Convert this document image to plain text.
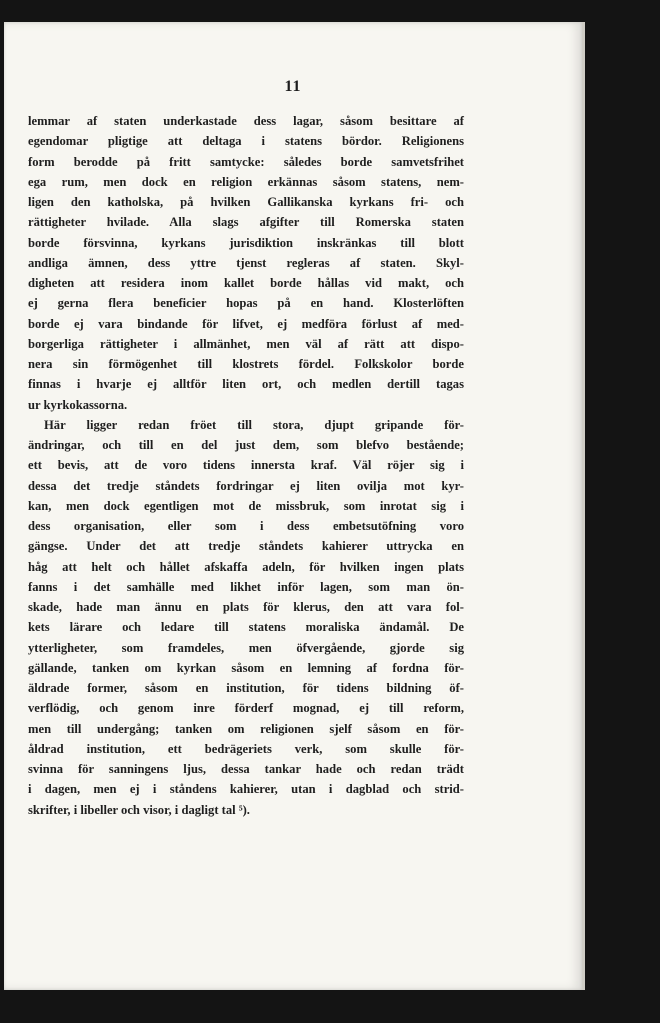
11
lemmar af staten underkastade dess lagar, såsom besittare af
egendomar pligtige att deltaga i statens bördor. Religionens
form berodde på fritt samtycke: således borde samvetsfrihet
ega rum, men dock en religion erkännas såsom statens, nem-
ligen den katholska, på hvilken Gallikanska kyrkans fri- och
rättigheter hvilade. Alla slags afgifter till Romerska staten
borde försvinna, kyrkans jurisdiktion inskränkas till blott
andliga ämnen, dess yttre tjenst regleras af staten. Skyl-
digheten att residera inom kallet borde hållas vid makt, och
ej gerna flera beneficier hopas på en hand. Klosterlöften
borde ej vara bindande för lifvet, ej medföra förlust af med-
borgerliga rättigheter i allmänhet, men väl af rätt att dispo-
nera sin förmögenhet till klostrets fördel. Folkskolor borde
finnas i hvarje ej alltför liten ort, och medlen dertill tagas
ur kyrkokassorna.
Här ligger redan fröet till stora, djupt gripande för-
ändringar, och till en del just dem, som blefvo bestående;
ett bevis, att de voro tidens innersta kraf. Väl röjer sig i
dessa det tredje ståndets fordringar ej liten ovilja mot kyr-
kan, men dock egentligen mot de missbruk, som inrotat sig i
dess organisation, eller som i dess embetsutöfning voro
gängse. Under det att tredje ståndets kahierer uttrycka en
håg att helt och hållet afskaffa adeln, för hvilken ingen plats
fanns i det samhälle med likhet inför lagen, som man ön-
skade, hade man ännu en plats för klerus, den att vara fol-
kets lärare och ledare till statens moraliska ändamål. De
ytterligheter, som framdeles, men öfvergående, gjorde sig
gällande, tanken om kyrkan såsom en lemning af fordna för-
äldrade former, såsom en institution, för tidens bildning öf-
verflödig, och genom inre förderf mognad, ej till reform,
men till undergång; tanken om religionen sjelf såsom en för-
åldrad institution, ett bedrägeriets verk, som skulle för-
svinna för sanningens ljus, dessa tankar hade och redan trädt
i dagen, men ej i ståndens kahierer, utan i dagblad och strid-
skrifter, i libeller och visor, i dagligt tal ⁵).
